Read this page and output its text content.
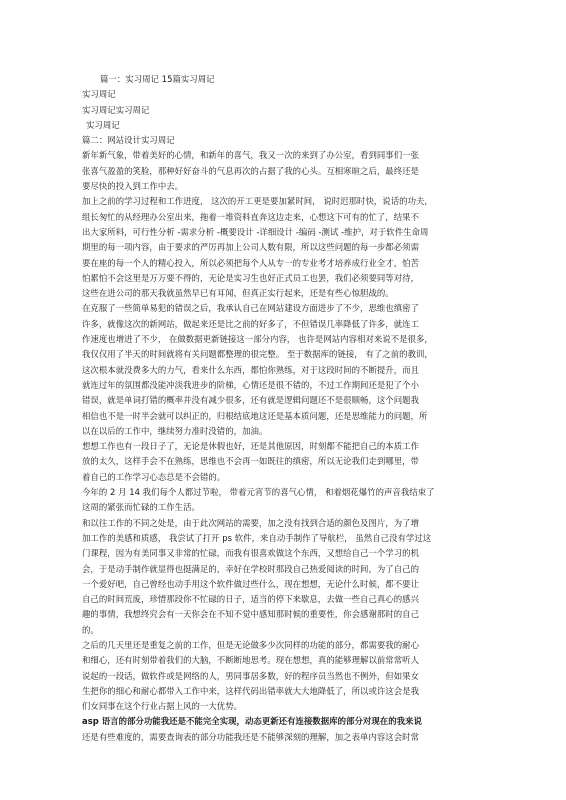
篇一：实习周记 15篇实习周记
实习周记
实习周记实习周记
实习周记
篇二：网站设计实习周记
新年新气象，带着美好的心情，和新年的喜气，我又一次的来到了办公室，看到同事们一张
张喜气盈盈的笑脸，那种好好奋斗的气息再次的占据了我的心头。互相寒暄之后，最终还是
要尽快的投入到工作中去。
加上之前的学习过程和工作进度， 这次的开工更是要加紧时间， 说时迟那时快，说话的功夫，
组长匆忙的从经理办公室出来，拖着一堆资料直奔这边走来，心想这下可有的忙了，结果不
出大家所料，可行性分析 -需求分析 -概要设计 -详细设计 -编码 -测试 -维护，对于软件生命周
期里的每一项内容，由于要求的严厉再加上公司人数有限，所以这些问题的每一步都必须需
要在座的每一个人的精心投入，所以必须把每个人从专一的专业考才培养成行业全才，怕苦
怕累怕不会这里是万万要不得的，无论是实习生也好正式员工也罢，我们必须要同等对待，
这些在进公司的那天我就虽然早已有耳闻，但真正实行起来，还是有些心惊胆战的。
在克服了一些简单易犯的错误之后，我承认自己在网站建设方面进步了不少，思维也缜密了
许多，就像这次的新网站，做起来还是比之前的好多了，不但错误几率降低了许多，就连工
作速度也增进了不少， 在做数据更新链接这一部分内容， 也许是网站内容相对来说不是很多，
我仅仅用了半天的时间就将有关问题都整理的很完整。 至于数据库的链接， 有了之前的教训，
这次根本就没费多大的力气，看来什么东西，都怕你熟练，对于这段时间的不断提升，而且
就连过年的氛围都没能冲淡我进步的阶梯，心情还是很不错的，不过工作期间还是犯了个小
错误，就是单词打错的概率并没有减少很多，还有就是逻辑问题还不是很顺畅，这个问题我
相信也不是一时半会就可以纠正的，归根结底地这还是基本质问题，还是思维能力的问题，所
以在以后的工作中，继续努力准时没错的，加油。
想想工作也有一段日子了，无论是休假也好，还是其他原因，时刻都不能把自己的本质工作
放的太久，这样手会不在熟练，思维也不会再一如既往的缜密，所以无论我们走到哪里，带
着自己的工作学习心态总是不会错的。
今年的 2 月 14 我们每个人都过节啦， 带着元宵节的喜气心情， 和着烟花爆竹的声音我结束了
这周的紧张而忙碌的工作生活。
和以往工作的不同之处是，由于此次网站的需要，加之没有找到合适的颜色及图片，为了增
加工作的美感和质感， 我尝试了打开 ps 软件，来自动手制作了导航栏， 虽然自己没有学过这
门课程，因为有美同事又非常的忙碌，而我有很喜欢做这个东西，又想给自己一个学习的机
会，于是动手制作就显得也挺满足的，幸好在学校时那段自己热爱阅读的时间，为了自己的
一个爱好吧，自己曾经也动手用这个软件做过些什么，现在想想，无论什么时候，都不要让
自己的时间荒废，珍惜那段你不忙碌的日子，适当的停下来歇息，去做一些自己真心的感兴
趣的事情，我想终究会有一天你会在不知不觉中感知那时候的重要性，你会感谢那时的自己
的。
之后的几天里还是重复之前的工作，但是无论做多少次同样的功能的部分，都需要我的耐心
和细心，还有时刻带着我们的大脑，不断断地思考。现在想想，真的能够理解以前常常听人
说起的一段话，做软件或是网络的人，男同事居多数，好的程序员当然也不例外，但如果女
生把你的细心和耐心都带入工作中来，这样代码出错率就大大地降低了，所以或许这会是我
们女同事在这个行业占据上风的一大优势。
asp 语言的部分功能我还是不能完全实现，动态更新还有连接数据库的部分对现在的我来说
还是有些难度的，需要查询表的部分功能我还是不能够深刻的理解，加之表单内容这会时常
